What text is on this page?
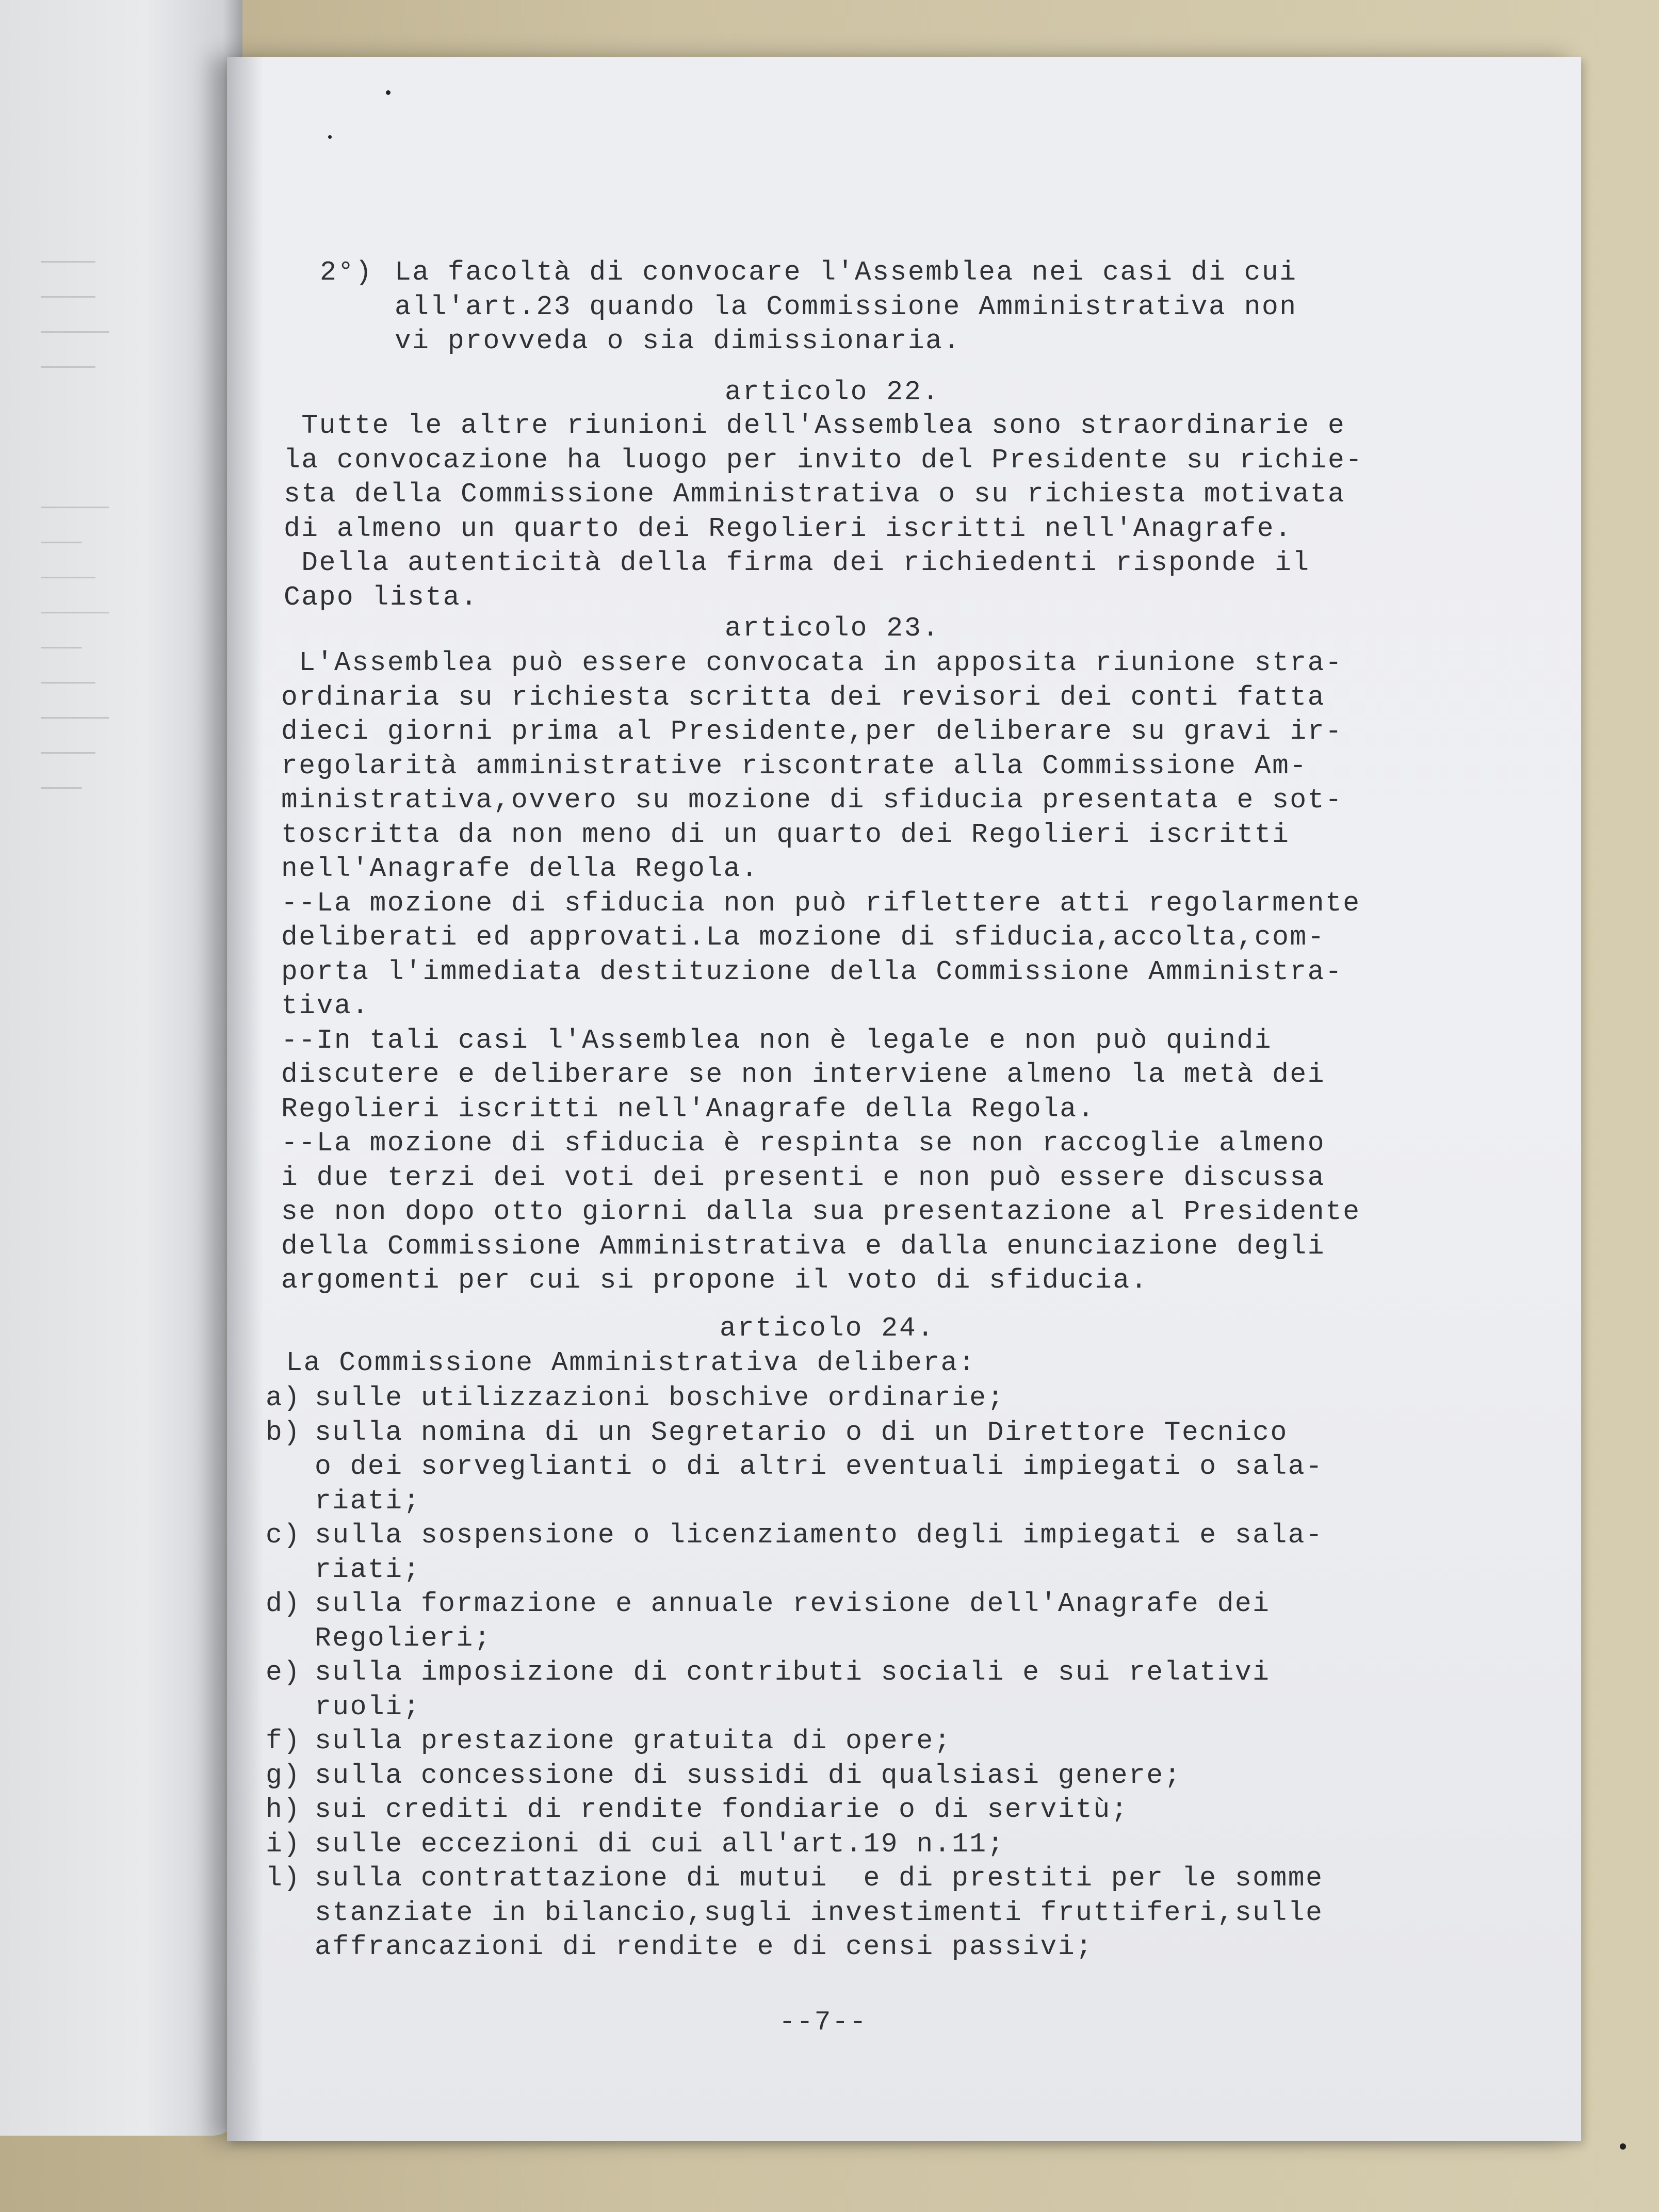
────
────
─────
────

─────
───
────
─────
───
────
─────
────
───

2°) La facoltà di convocare l'Assemblea nei casi di cui
all'art.23 quando la Commissione Amministrativa non
vi provveda o sia dimissionaria.
articolo 22.
Tutte le altre riunioni dell'Assemblea sono straordinarie e
la convocazione ha luogo per invito del Presidente su richie-
sta della Commissione Amministrativa o su richiesta motivata
di almeno un quarto dei Regolieri iscritti nell'Anagrafe.
Della autenticità della firma dei richiedenti risponde il
Capo lista.
articolo 23.
L'Assemblea può essere convocata in apposita riunione stra-
ordinaria su richiesta scritta dei revisori dei conti fatta
dieci giorni prima al Presidente,per deliberare su gravi ir-
regolarità amministrative riscontrate alla Commissione Am-
ministrativa,ovvero su mozione di sfiducia presentata e sot-
toscritta da non meno di un quarto dei Regolieri iscritti
nell'Anagrafe della Regola.
--La mozione di sfiducia non può riflettere atti regolarmente
deliberati ed approvati.La mozione di sfiducia,accolta,com-
porta l'immediata destituzione della Commissione Amministra-
tiva.
--In tali casi l'Assemblea non è legale e non può quindi
discutere e deliberare se non interviene almeno la metà dei
Regolieri iscritti nell'Anagrafe della Regola.
--La mozione di sfiducia è respinta se non raccoglie almeno
i due terzi dei voti dei presenti e non può essere discussa
se non dopo otto giorni dalla sua presentazione al Presidente
della Commissione Amministrativa e dalla enunciazione degli
argomenti per cui si propone il voto di sfiducia.
articolo 24.
La Commissione Amministrativa delibera:
a) sulle utilizzazioni boschive ordinarie;
b) sulla nomina di un Segretario o di un Direttore Tecnico
o dei sorveglianti o di altri eventuali impiegati o sala-
riati;
c) sulla sospensione o licenziamento degli impiegati e sala-
riati;
d) sulla formazione e annuale revisione dell'Anagrafe dei
Regolieri;
e) sulla imposizione di contributi sociali e sui relativi
ruoli;
f) sulla prestazione gratuita di opere;
g) sulla concessione di sussidi di qualsiasi genere;
h) sui crediti di rendite fondiarie o di servitù;
i) sulle eccezioni di cui all'art.19 n.11;
l) sulla contrattazione di mutui  e di prestiti per le somme
stanziate in bilancio,sugli investimenti fruttiferi,sulle
affrancazioni di rendite e di censi passivi;
--7--
